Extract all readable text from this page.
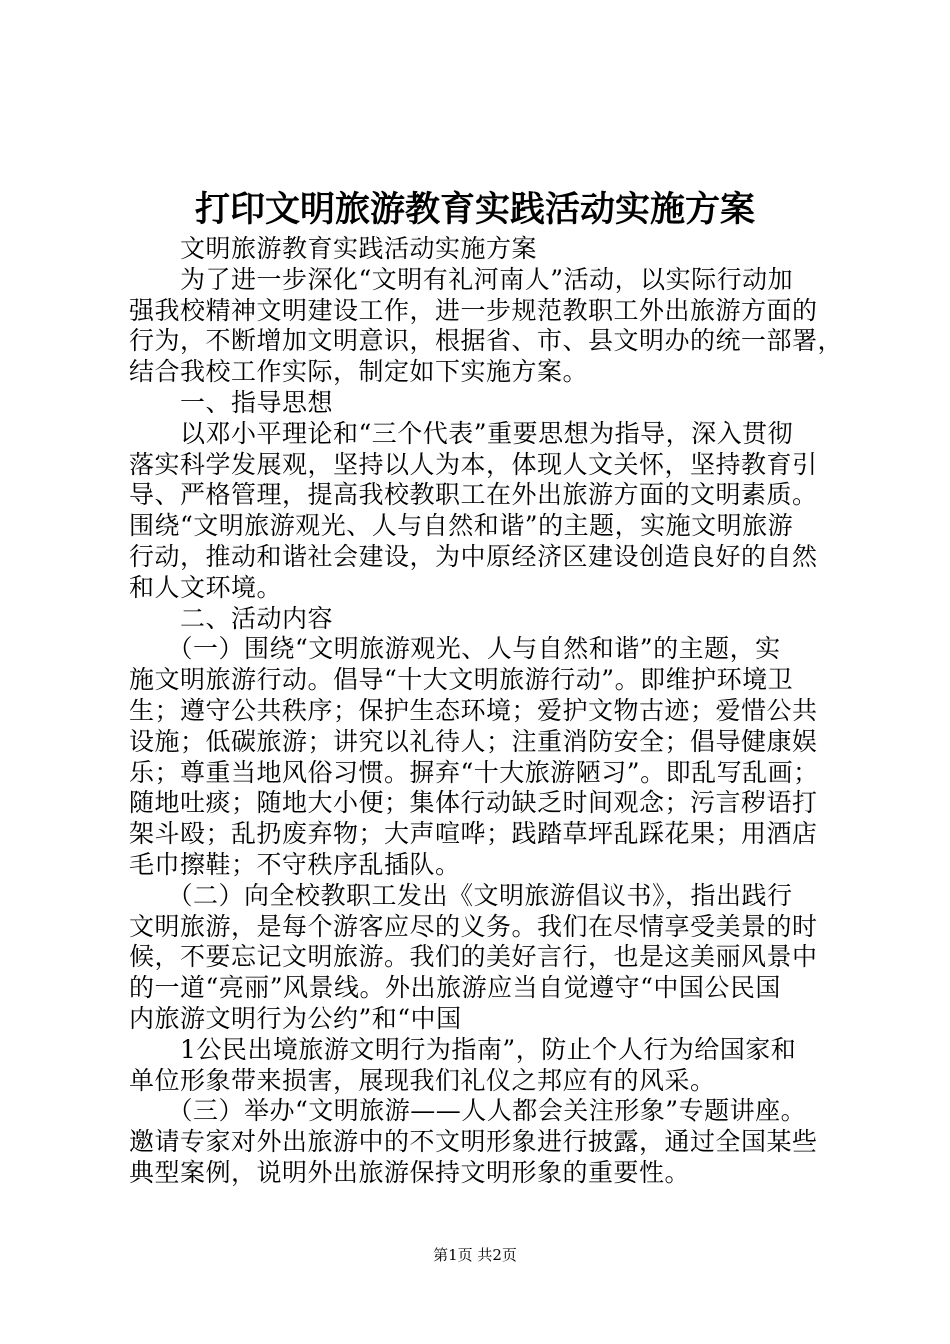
打印文明旅游教育实践活动实施方案
　　文明旅游教育实践活动实施方案
　　为了进一步深化“文明有礼河南人”活动，以实际行动加
强我校精神文明建设工作，进一步规范教职工外出旅游方面的
行为，不断增加文明意识，根据省、市、县文明办的统一部署，
结合我校工作实际，制定如下实施方案。
　　一、指导思想
　　以邓小平理论和“三个代表”重要思想为指导，深入贯彻
落实科学发展观，坚持以人为本，体现人文关怀，坚持教育引
导、严格管理，提高我校教职工在外出旅游方面的文明素质。
围绕“文明旅游观光、人与自然和谐”的主题，实施文明旅游
行动，推动和谐社会建设，为中原经济区建设创造良好的自然
和人文环境。
　　二、活动内容
　　（一）围绕“文明旅游观光、人与自然和谐”的主题，实
施文明旅游行动。倡导“十大文明旅游行动”。即维护环境卫
生；遵守公共秩序；保护生态环境；爱护文物古迹；爱惜公共
设施；低碳旅游；讲究以礼待人；注重消防安全；倡导健康娱
乐；尊重当地风俗习惯。摒弃“十大旅游陋习”。即乱写乱画；
随地吐痰；随地大小便；集体行动缺乏时间观念；污言秽语打
架斗殴；乱扔废弃物；大声喧哗；践踏草坪乱踩花果；用酒店
毛巾擦鞋；不守秩序乱插队。
　　（二）向全校教职工发出《文明旅游倡议书》，指出践行
文明旅游，是每个游客应尽的义务。我们在尽情享受美景的时
候，不要忘记文明旅游。我们的美好言行，也是这美丽风景中
的一道“亮丽”风景线。外出旅游应当自觉遵守“中国公民国
内旅游文明行为公约”和“中国
　　1公民出境旅游文明行为指南”，防止个人行为给国家和
单位形象带来损害，展现我们礼仪之邦应有的风采。
　　（三）举办“文明旅游——人人都会关注形象”专题讲座。
邀请专家对外出旅游中的不文明形象进行披露，通过全国某些
典型案例，说明外出旅游保持文明形象的重要性。
第1页 共2页
